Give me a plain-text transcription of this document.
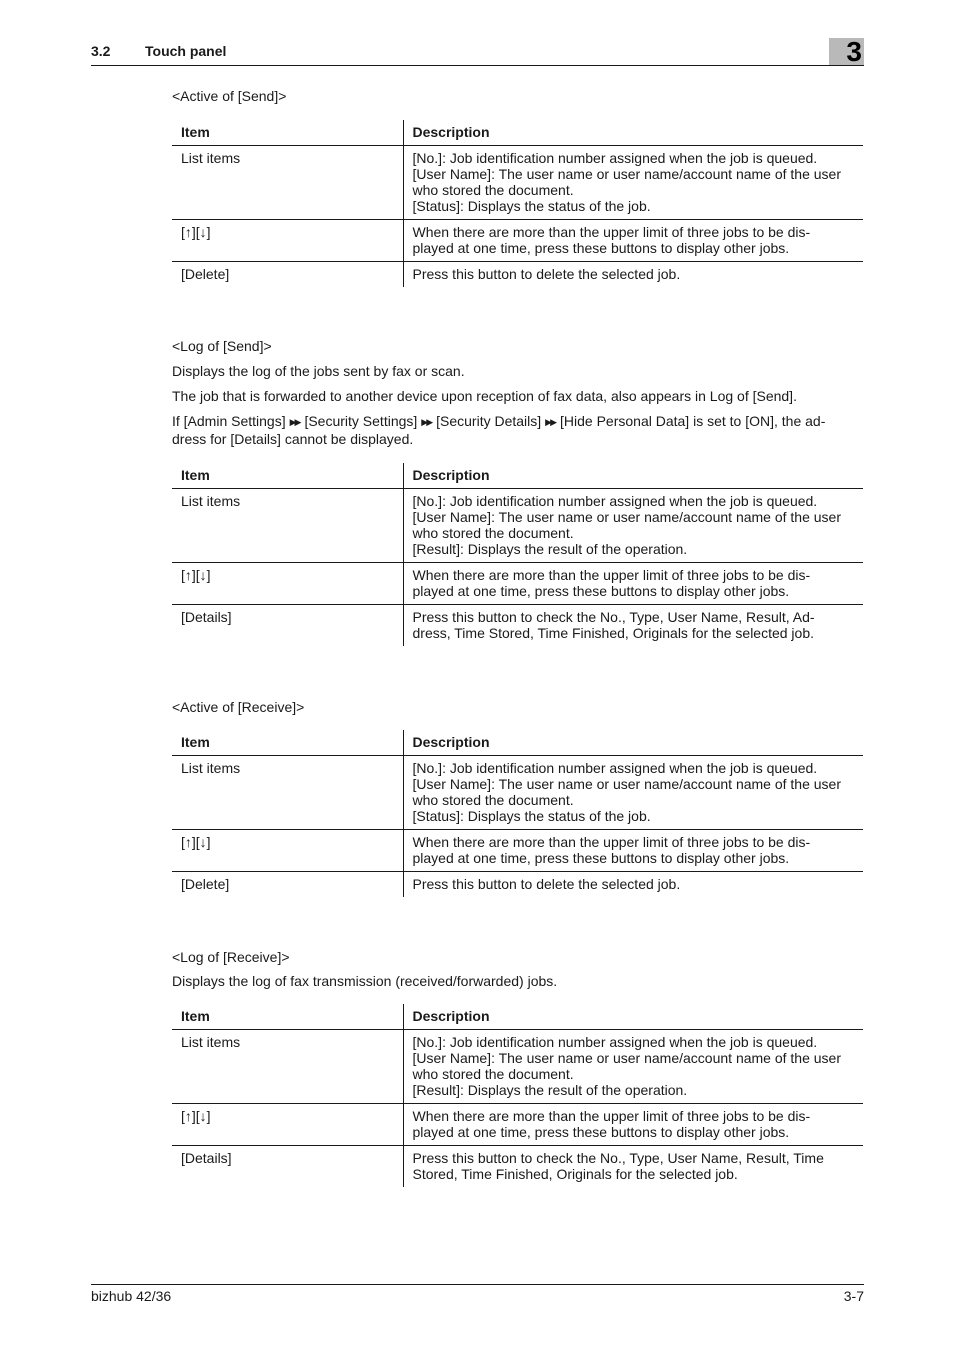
3.2 Touch panel	3

<Active of [Send]>

Item	Description
List items	[No.]: Job identification number assigned when the job is queued.
[User Name]: The user name or user name/account name of the user
who stored the document.
[Status]: Displays the status of the job.

[↑][↓]	When there are more than the upper limit of three jobs to be dis-
played at one time, press these buttons to display other jobs.

[Delete]	Press this button to delete the selected job.

<Log of [Send]>

Displays the log of the jobs sent by fax or scan.

The job that is forwarded to another device upon reception of fax data, also appears in Log of [Send].

If [Admin Settings] ▶▶ [Security Settings] ▶▶ [Security Details] ▶▶ [Hide Personal Data] is set to [ON], the ad-
dress for [Details] cannot be displayed.

Item	Description
List items	[No.]: Job identification number assigned when the job is queued.
[User Name]: The user name or user name/account name of the user
who stored the document.
[Result]: Displays the result of the operation.

[↑][↓]	When there are more than the upper limit of three jobs to be dis-
played at one time, press these buttons to display other jobs.

[Details]	Press this button to check the No., Type, User Name, Result, Ad-
dress, Time Stored, Time Finished, Originals for the selected job.

<Active of [Receive]>

Item	Description
List items	[No.]: Job identification number assigned when the job is queued.
[User Name]: The user name or user name/account name of the user
who stored the document.
[Status]: Displays the status of the job.

[↑][↓]	When there are more than the upper limit of three jobs to be dis-
played at one time, press these buttons to display other jobs.

[Delete]	Press this button to delete the selected job.

<Log of [Receive]>

Displays the log of fax transmission (received/forwarded) jobs.

Item	Description
List items	[No.]: Job identification number assigned when the job is queued.
[User Name]: The user name or user name/account name of the user
who stored the document.
[Result]: Displays the result of the operation.

[↑][↓]	When there are more than the upper limit of three jobs to be dis-
played at one time, press these buttons to display other jobs.

[Details]	Press this button to check the No., Type, User Name, Result, Time
Stored, Time Finished, Originals for the selected job.
bizhub 42/36	3-7
